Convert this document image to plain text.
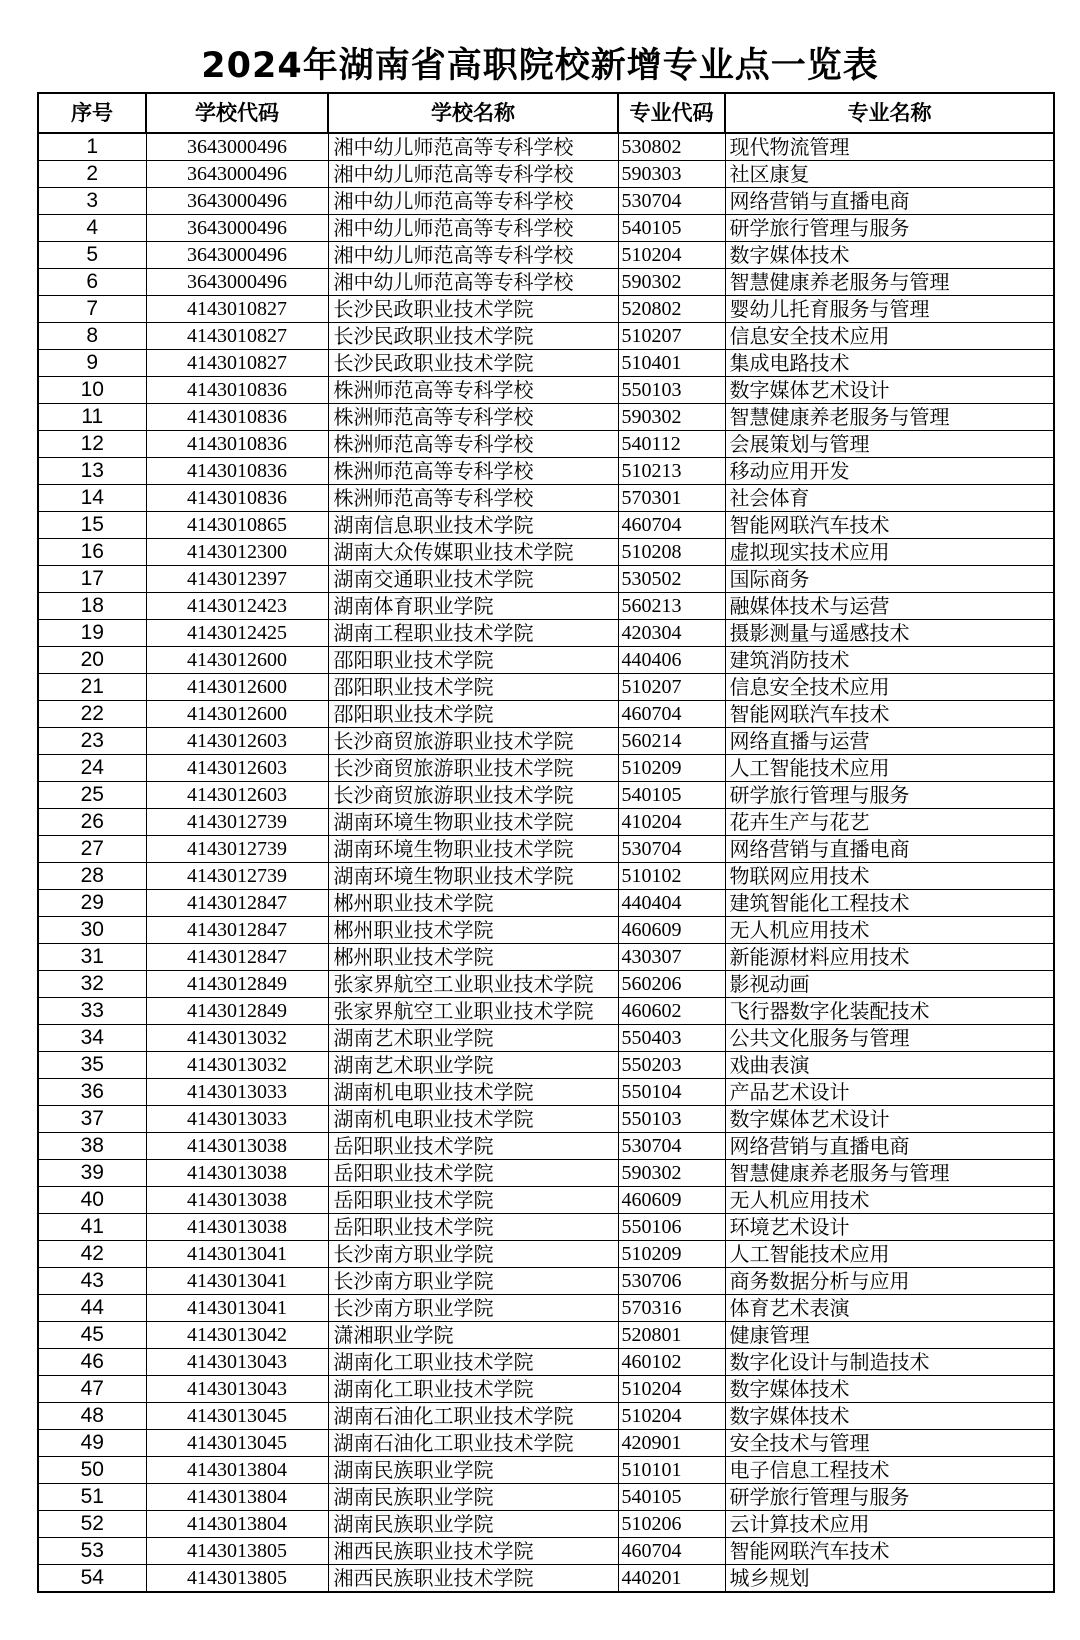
2024年湖南省高职院校新增专业点一览表
序号	学校代码	学校名称	专业代码	专业名称
1	3643000496	湘中幼儿师范高等专科学校	530802	现代物流管理
2	3643000496	湘中幼儿师范高等专科学校	590303	社区康复
3	3643000496	湘中幼儿师范高等专科学校	530704	网络营销与直播电商
4	3643000496	湘中幼儿师范高等专科学校	540105	研学旅行管理与服务
5	3643000496	湘中幼儿师范高等专科学校	510204	数字媒体技术
6	3643000496	湘中幼儿师范高等专科学校	590302	智慧健康养老服务与管理
7	4143010827	长沙民政职业技术学院	520802	婴幼儿托育服务与管理
8	4143010827	长沙民政职业技术学院	510207	信息安全技术应用
9	4143010827	长沙民政职业技术学院	510401	集成电路技术
10	4143010836	株洲师范高等专科学校	550103	数字媒体艺术设计
11	4143010836	株洲师范高等专科学校	590302	智慧健康养老服务与管理
12	4143010836	株洲师范高等专科学校	540112	会展策划与管理
13	4143010836	株洲师范高等专科学校	510213	移动应用开发
14	4143010836	株洲师范高等专科学校	570301	社会体育
15	4143010865	湖南信息职业技术学院	460704	智能网联汽车技术
16	4143012300	湖南大众传媒职业技术学院	510208	虚拟现实技术应用
17	4143012397	湖南交通职业技术学院	530502	国际商务
18	4143012423	湖南体育职业学院	560213	融媒体技术与运营
19	4143012425	湖南工程职业技术学院	420304	摄影测量与遥感技术
20	4143012600	邵阳职业技术学院	440406	建筑消防技术
21	4143012600	邵阳职业技术学院	510207	信息安全技术应用
22	4143012600	邵阳职业技术学院	460704	智能网联汽车技术
23	4143012603	长沙商贸旅游职业技术学院	560214	网络直播与运营
24	4143012603	长沙商贸旅游职业技术学院	510209	人工智能技术应用
25	4143012603	长沙商贸旅游职业技术学院	540105	研学旅行管理与服务
26	4143012739	湖南环境生物职业技术学院	410204	花卉生产与花艺
27	4143012739	湖南环境生物职业技术学院	530704	网络营销与直播电商
28	4143012739	湖南环境生物职业技术学院	510102	物联网应用技术
29	4143012847	郴州职业技术学院	440404	建筑智能化工程技术
30	4143012847	郴州职业技术学院	460609	无人机应用技术
31	4143012847	郴州职业技术学院	430307	新能源材料应用技术
32	4143012849	张家界航空工业职业技术学院	560206	影视动画
33	4143012849	张家界航空工业职业技术学院	460602	飞行器数字化装配技术
34	4143013032	湖南艺术职业学院	550403	公共文化服务与管理
35	4143013032	湖南艺术职业学院	550203	戏曲表演
36	4143013033	湖南机电职业技术学院	550104	产品艺术设计
37	4143013033	湖南机电职业技术学院	550103	数字媒体艺术设计
38	4143013038	岳阳职业技术学院	530704	网络营销与直播电商
39	4143013038	岳阳职业技术学院	590302	智慧健康养老服务与管理
40	4143013038	岳阳职业技术学院	460609	无人机应用技术
41	4143013038	岳阳职业技术学院	550106	环境艺术设计
42	4143013041	长沙南方职业学院	510209	人工智能技术应用
43	4143013041	长沙南方职业学院	530706	商务数据分析与应用
44	4143013041	长沙南方职业学院	570316	体育艺术表演
45	4143013042	潇湘职业学院	520801	健康管理
46	4143013043	湖南化工职业技术学院	460102	数字化设计与制造技术
47	4143013043	湖南化工职业技术学院	510204	数字媒体技术
48	4143013045	湖南石油化工职业技术学院	510204	数字媒体技术
49	4143013045	湖南石油化工职业技术学院	420901	安全技术与管理
50	4143013804	湖南民族职业学院	510101	电子信息工程技术
51	4143013804	湖南民族职业学院	540105	研学旅行管理与服务
52	4143013804	湖南民族职业学院	510206	云计算技术应用
53	4143013805	湘西民族职业技术学院	460704	智能网联汽车技术
54	4143013805	湘西民族职业技术学院	440201	城乡规划
